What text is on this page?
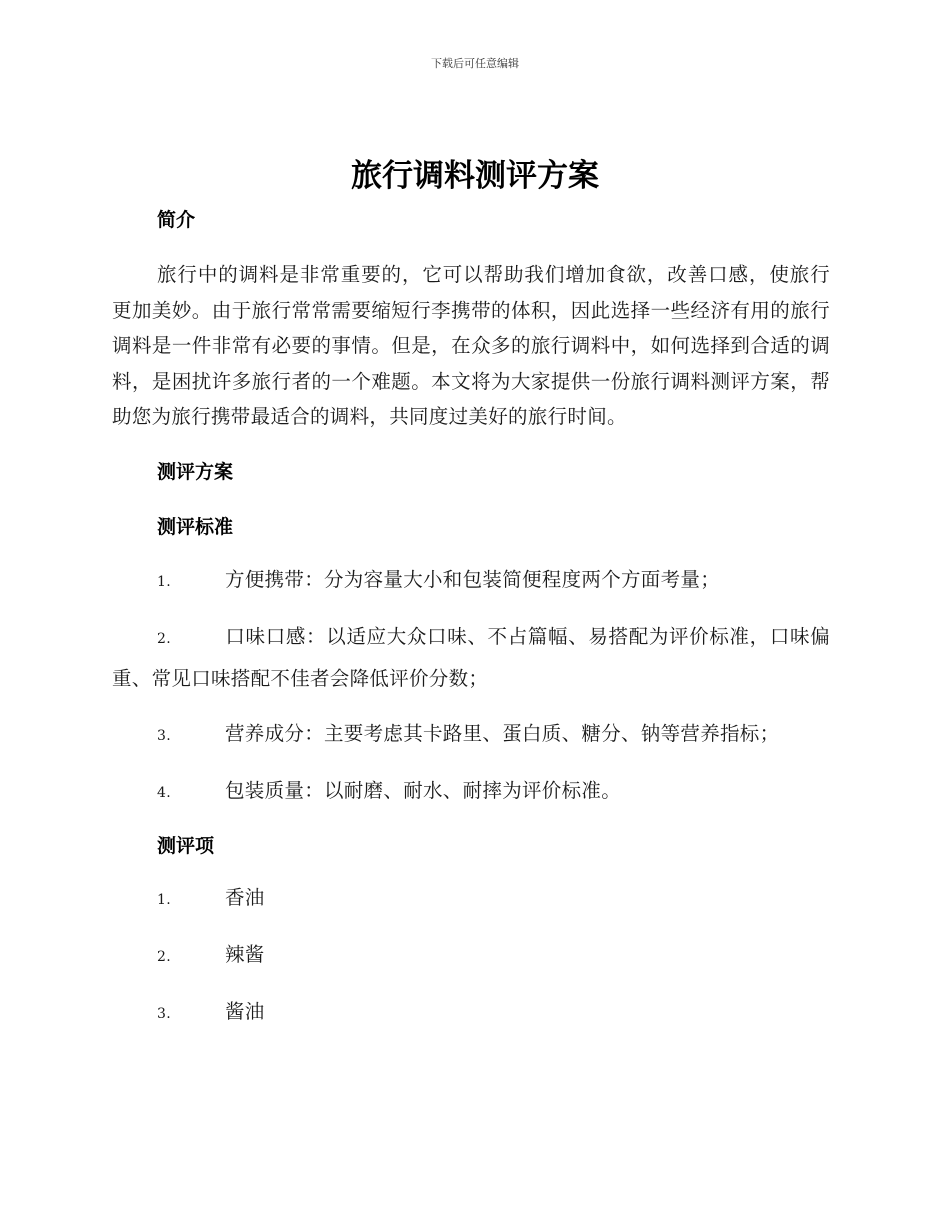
下载后可任意编辑
旅行调料测评方案

简介

旅行中的调料是非常重要的，它可以帮助我们增加食欲，改善口感，使旅行更加美妙。由于旅行常常需要缩短行李携带的体积，因此选择一些经济有用的旅行调料是一件非常有必要的事情。但是，在众多的旅行调料中，如何选择到合适的调料，是困扰许多旅行者的一个难题。本文将为大家提供一份旅行调料测评方案，帮助您为旅行携带最适合的调料，共同度过美好的旅行时间。

测评方案

测评标准

1.	方便携带：分为容量大小和包装简便程度两个方面考量；

2.	口味口感：以适应大众口味、不占篇幅、易搭配为评价标准，口味偏重、常见口味搭配不佳者会降低评价分数；

3.	营养成分：主要考虑其卡路里、蛋白质、糖分、钠等营养指标；

4.	包装质量：以耐磨、耐水、耐摔为评价标准。

测评项

1.	香油

2.	辣酱

3.	酱油
